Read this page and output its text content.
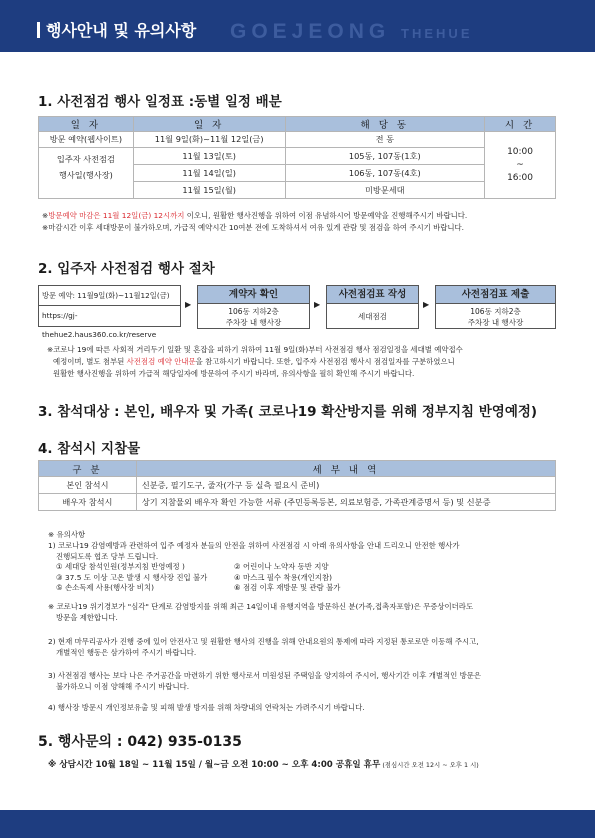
행사안내 및 유의사항 GOEJEONG THEHUE
1. 사전점검 행사 일정표 :동별 일정 배분
일 자	일 자	해 당 동	시 간
방문 예약(웹사이트)	11월 9일(화)~11월 12일(금)	전 동	10:00
~
16:00

입주자 사전점검
행사일(행사장)	11월 13일(토)	105동, 107동(1호)	
	11월 14일(일)	106동, 107동(4호)	
	11월 15일(월)	미방문세대	
※방문예약 마감은 11월 12일(금) 12시까지 이오니, 원활한 행사진행을 위하여 이점 유념하시어 방문예약을 진행해주시기 바랍니다.
※마감시간 이후 세대방문이 불가하오며, 가급적 예약시간 10여분 전에 도착하셔서 여유 있게 관람 및 점검을 하여 주시기 바랍니다.
2. 입주자 사전점검 행사 절차
방문 예약: 11월9일(화)~11월12일(금)
https://gj-thehue2.haus360.co.kr/reserve
▶
계약자 확인
106동 지하2층
주차장 내 행사장
▶
사전점검표 작성
세대점검
▶
사전점검표 제출
106동 지하2층
주차장 내 행사장
※코로나 19에 따른 사회적 거리두기 일환 및 혼잡을 피하기 위하여 11월 9일(화)부터 사전점검 행사 점검일정을 세대별 예약접수
예정이며, 별도 첨부된 사전점검 예약 안내문을 참고하시기 바랍니다. 또한, 입주자 사전점검 행사시 점검일자를 구분하였으니
원활한 행사진행을 위하여 가급적 해당일자에 방문하여 주시기 바라며, 유의사항을 필히 확인해 주시기 바랍니다.
3. 참석대상 : 본인, 배우자 및 가족( 코로나19 확산방지를 위해 정부지침 반영예정)
4. 참석시 지참물
구 분	세 부 내 역
본인 참석시	신분증, 필기도구, 줄자(가구 등 실측 필요시 준비)
배우자 참석시	상기 지참물외 배우자 확인 가능한 서류 (주민등록등본, 의료보험증, 가족관계증명서 등) 및 신분증
※ 유의사항
1) 코로나19 감염예방과 관련하여 입주 예정자 분들의 안전을 위하여 사전점검 시 아래 유의사항을 안내 드리오니 안전한 행사가
진행되도록 협조 당부 드립니다.
① 세대당 참석인원(정부지침 반영예정 )	② 어린이나 노약자 동반 지양
③ 37.5 도 이상 고온 발생 시 행사장 진입 불가	④ 마스크 필수 착용(개인지참)
⑤ 손소독제 사용(행사장 비치)	⑥ 점검 이후 재방문 및 관람 불가
※ 코로나19 위기경보가 "심각" 단계로 감염방지를 위해 최근 14일이내 유행지역을 방문하신 분(가족,접촉자포함)은 무증상이더라도
방문을 제한합니다.
2) 현재 마무리공사가 진행 중에 있어 안전사고 및 원활한 행사의 진행을 위해 안내요원의 통제에 따라 지정된 통로로만 이동해 주시고,
개별적인 행동은 삼가하여 주시기 바랍니다.
3) 사전점검 행사는 보다 나은 주거공간을 마련하기 위한 행사로서 미원성된 주택임을 양지하여 주시어, 행사기간 이후 개별적인 방문은
불가하오니 이점 양해해 주시기 바랍니다.
4) 행사장 방문시 개인정보유출 및 피해 발생 방지를 위해 차량내의 연락처는 가려주시기 바랍니다.
5. 행사문의 : 042) 935-0135
※ 상담시간 10월 18일 ~ 11월 15일 / 월~금 오전 10:00 ~ 오후 4:00 공휴일 휴무 (점심시간 오전 12시 ~ 오후 1 시)
